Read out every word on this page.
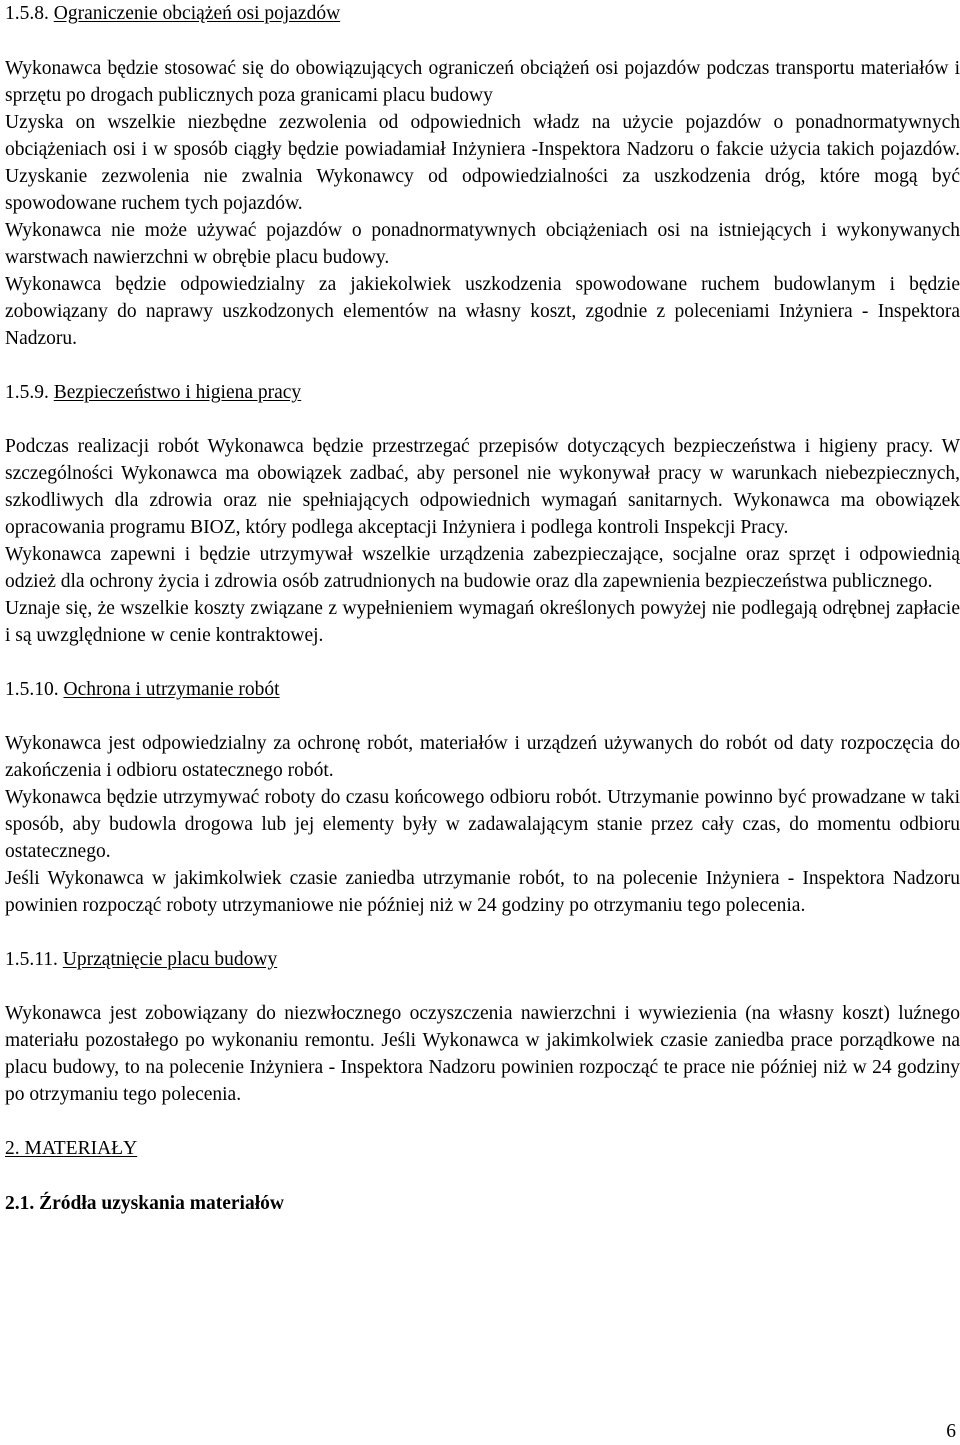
1.5.8. Ograniczenie obciążeń osi pojazdów

Wykonawca będzie stosować się do obowiązujących ograniczeń obciążeń osi pojazdów podczas transportu materiałów i sprzętu po drogach publicznych poza granicami placu budowy

Uzyska on wszelkie niezbędne zezwolenia od odpowiednich władz na użycie pojazdów o ponadnormatywnych obciążeniach osi i w sposób ciągły będzie powiadamiał Inżyniera -Inspektora Nadzoru o fakcie użycia takich pojazdów. Uzyskanie zezwolenia nie zwalnia Wykonawcy od odpowiedzialności za uszkodzenia dróg, które mogą być spowodowane ruchem tych pojazdów.

Wykonawca nie może używać pojazdów o ponadnormatywnych obciążeniach osi na istniejących i wykonywanych warstwach nawierzchni w obrębie placu budowy.

Wykonawca będzie odpowiedzialny za jakiekolwiek uszkodzenia spowodowane ruchem budowlanym i będzie zobowiązany do naprawy uszkodzonych elementów na własny koszt, zgodnie z poleceniami Inżyniera - Inspektora Nadzoru.

1.5.9. Bezpieczeństwo i higiena pracy

Podczas realizacji robót Wykonawca będzie przestrzegać przepisów dotyczących bezpieczeństwa i higieny pracy. W szczególności Wykonawca ma obowiązek zadbać, aby personel nie wykonywał pracy w warunkach niebezpiecznych, szkodliwych dla zdrowia oraz nie spełniających odpowiednich wymagań sanitarnych. Wykonawca ma obowiązek opracowania programu BIOZ, który podlega akceptacji Inżyniera i podlega kontroli Inspekcji Pracy.

Wykonawca zapewni i będzie utrzymywał wszelkie urządzenia zabezpieczające, socjalne oraz sprzęt i odpowiednią odzież dla ochrony życia i zdrowia osób zatrudnionych na budowie oraz dla zapewnienia bezpieczeństwa publicznego.

Uznaje się, że wszelkie koszty związane z wypełnieniem wymagań określonych powyżej nie podlegają odrębnej zapłacie i są uwzględnione w cenie kontraktowej.

1.5.10. Ochrona i utrzymanie robót

Wykonawca jest odpowiedzialny za ochronę robót, materiałów i urządzeń używanych do robót od daty rozpoczęcia do zakończenia i odbioru ostatecznego robót.

Wykonawca będzie utrzymywać roboty do czasu końcowego odbioru robót. Utrzymanie powinno być prowadzane w taki sposób, aby budowla drogowa lub jej elementy były w zadawalającym stanie przez cały czas, do momentu odbioru ostatecznego.

Jeśli Wykonawca w jakimkolwiek czasie zaniedba utrzymanie robót, to na polecenie Inżyniera - Inspektora Nadzoru powinien rozpocząć roboty utrzymaniowe nie później niż w 24 godziny po otrzymaniu tego polecenia.

1.5.11. Uprzątnięcie placu budowy

Wykonawca jest zobowiązany do niezwłocznego oczyszczenia nawierzchni i wywiezienia (na własny koszt) luźnego materiału pozostałego po wykonaniu remontu. Jeśli Wykonawca w jakimkolwiek czasie zaniedba prace porządkowe na placu budowy, to na polecenie Inżyniera - Inspektora Nadzoru powinien rozpocząć te prace nie później niż w 24 godziny po otrzymaniu tego polecenia.

2. MATERIAŁY
2.1. Źródła uzyskania materiałów
6
